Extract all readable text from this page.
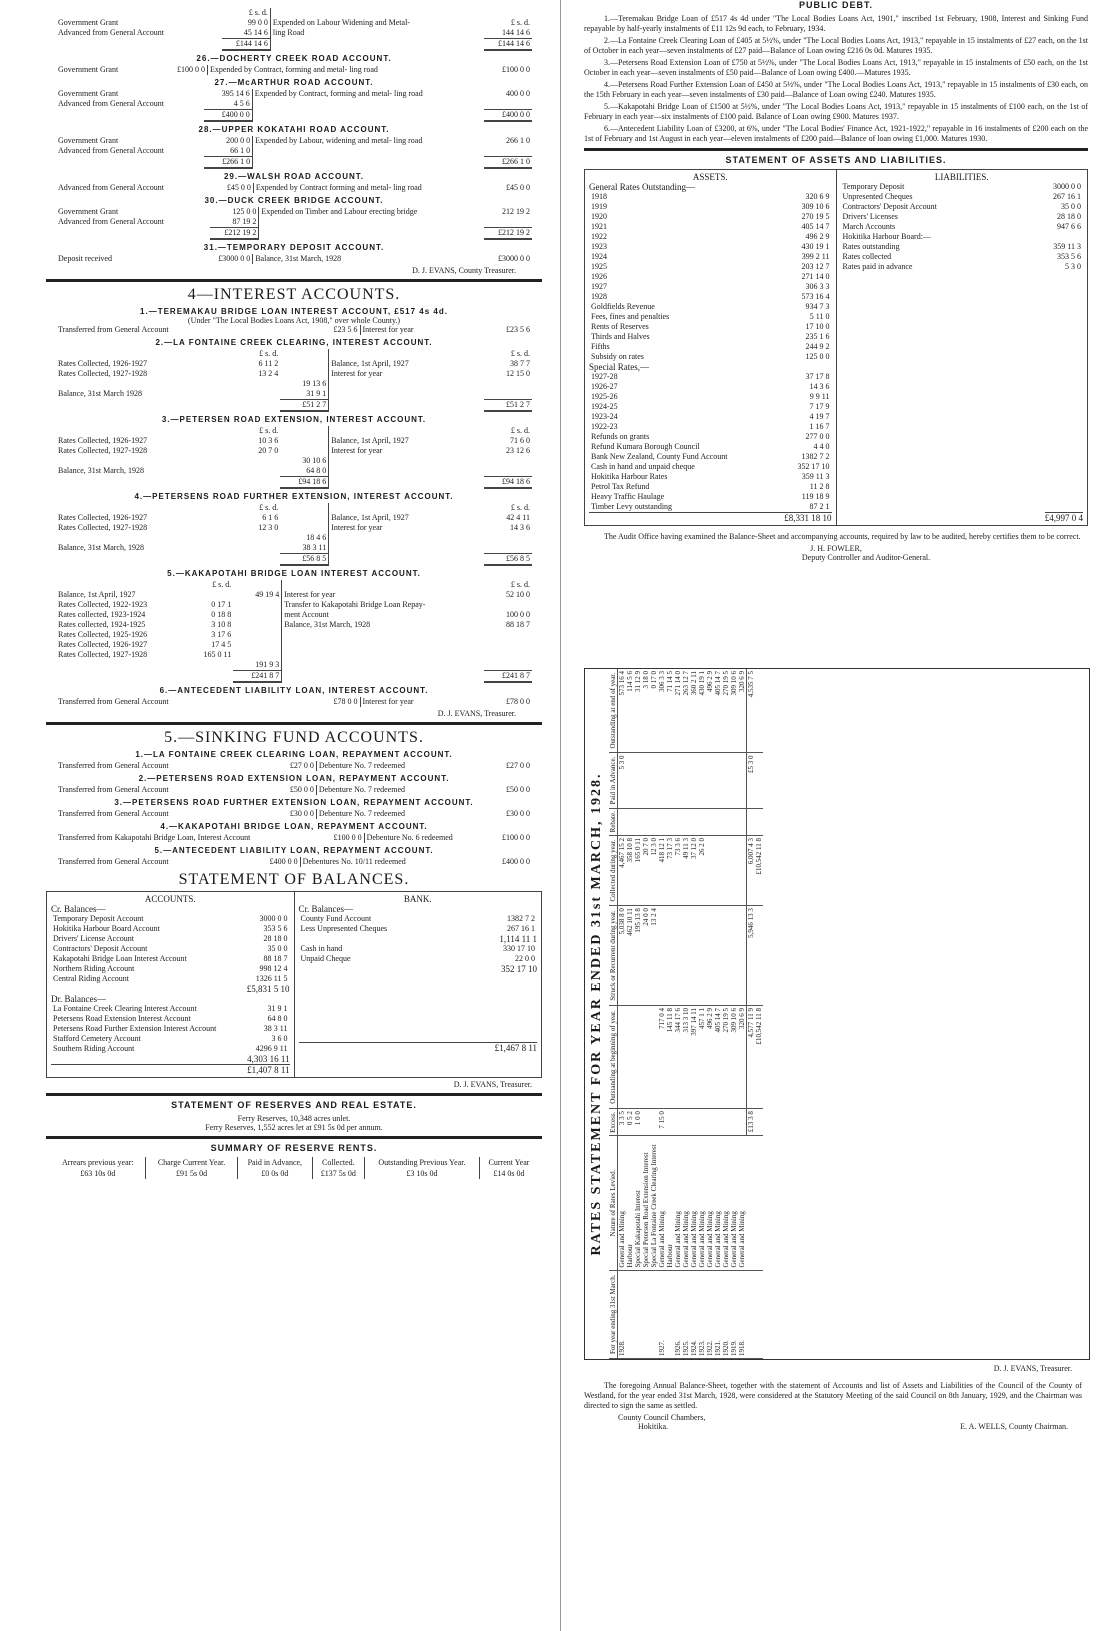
	£ s. d.		
Government Grant	99 0 0	Expended on Labour Widening and Metal-	£ s. d.
Advanced from General Account	45 14 6	ling Road	144 14 6
	£144 14 6		£144 14 6
26.—DOCHERTY CREEK ROAD ACCOUNT.
Government Grant	£100 0 0	Expended by Contract, forming and metal- ling road	£100 0 0
27.—McARTHUR ROAD ACCOUNT.
Government Grant	395 14 6	Expended by Contract, forming and metal- ling road	400 0 0
Advanced from General Account	4 5 6		
	£400 0 0		£400 0 0
28.—UPPER KOKATAHI ROAD ACCOUNT.
Government Grant	200 0 0	Expended by Labour, widening and metal- ling road	266 1 0
Advanced from General Account	66 1 0		
	£266 1 0		£266 1 0
29.—WALSH ROAD ACCOUNT.
Advanced from General Account	£45 0 0	Expended by Contract forming and metal- ling road	£45 0 0
30.—DUCK CREEK BRIDGE ACCOUNT.
Government Grant	125 0 0	Expended on Timber and Labour erecting bridge	212 19 2
Advanced from General Account	87 19 2		
	£212 19 2		£212 19 2
31.—TEMPORARY DEPOSIT ACCOUNT.
Deposit received	£3000 0 0	Balance, 31st March, 1928	£3000 0 0
D. J. EVANS, County Treasurer.
4—INTEREST ACCOUNTS.
1.—TEREMAKAU BRIDGE LOAN INTEREST ACCOUNT, £517 4s 4d.
(Under "The Local Bodies Loans Act, 1908," over whole County.)
Transferred from General Account	£23 5 6	Interest for year	£23 5 6
2.—LA FONTAINE CREEK CLEARING, INTEREST ACCOUNT.
	£ s. d.			£ s. d.
Rates Collected, 1926-1927	6 11 2		Balance, 1st April, 1927	38 7 7
Rates Collected, 1927-1928	13 2 4		Interest for year	12 15 0
		19 13 6		
Balance, 31st March 1928		31 9 1		
		£51 2 7		£51 2 7
3.—PETERSEN ROAD EXTENSION, INTEREST ACCOUNT.
	£ s. d.			£ s. d.
Rates Collected, 1926-1927	10 3 6		Balance, 1st April, 1927	71 6 0
Rates Collected, 1927-1928	20 7 0		Interest for year	23 12 6
		30 10 6		
Balance, 31st March, 1928		64 8 0		
		£94 18 6		£94 18 6
4.—PETERSENS ROAD FURTHER EXTENSION, INTEREST ACCOUNT.
	£ s. d.			£ s. d.
Rates Collected, 1926-1927	6 1 6		Balance, 1st April, 1927	42 4 11
Rates Collected, 1927-1928	12 3 0		Interest for year	14 3 6
		18 4 6		
Balance, 31st March, 1928		38 3 11		
		£56 8 5		£56 8 5
5.—KAKAPOTAHI BRIDGE LOAN INTEREST ACCOUNT.
	£ s. d.			£ s. d.
Balance, 1st April, 1927		49 19 4	Interest for year	52 10 0
Rates Collected, 1922-1923	0 17 1		Transfer to Kakapotahi Bridge Loan Repay-	
Rates collected, 1923-1924	0 18 8		ment Account	100 0 0
Rates collected, 1924-1925	3 10 8		Balance, 31st March, 1928	88 18 7
Rates Collected, 1925-1926	3 17 6			
Rates Collected, 1926-1927	17 4 5			
Rates Collected, 1927-1928	165 0 11			
		191 9 3		
		£241 8 7		£241 8 7
6.—ANTECEDENT LIABILITY LOAN, INTEREST ACCOUNT.
Transferred from General Account	£78 0 0	Interest for year	£78 0 0
D. J. EVANS, Treasurer.
5.—SINKING FUND ACCOUNTS.
1.—LA FONTAINE CREEK CLEARING LOAN, REPAYMENT ACCOUNT.
Transferred from General Account	£27 0 0	Debenture No. 7 redeemed	£27 0 0
2.—PETERSENS ROAD EXTENSION LOAN, REPAYMENT ACCOUNT.
Transferred from General Account	£50 0 0	Debenture No. 7 redeemed	£50 0 0
3.—PETERSENS ROAD FURTHER EXTENSION LOAN, REPAYMENT ACCOUNT.
Transferred from General Account	£30 0 0	Debenture No. 7 redeemed	£30 0 0
4.—KAKAPOTAHI BRIDGE LOAN, REPAYMENT ACCOUNT.
Transferred from Kakapotahi Bridge Loan, Interest Account	£100 0 0	Debenture No. 6 redeemed	£100 0 0
5.—ANTECEDENT LIABILITY LOAN, REPAYMENT ACCOUNT.
Transferred from General Account	£400 0 0	Debentures No. 10/11 redeemed	£400 0 0
STATEMENT OF BALANCES.
ACCOUNTS.
Cr. Balances—
Temporary Deposit Account	3000 0 0
Hokitika Harbour Board Account	353 5 6
Drivers' License Account	28 18 0
Contractors' Deposit Account	35 0 0
Kakapotahi Bridge Loan Interest Account	88 18 7
Northern Riding Account	998 12 4
Central Riding Account	1326 11 5
£5,831 5 10
Dr. Balances—
La Fontaine Creek Clearing Interest Account	31 9 1
Petersens Road Extension Interest Account	64 8 0
Petersens Road Further Extension Interest Account	38 3 11
Stafford Cemetery Account	3 6 0
Southern Riding Account	4296 9 11
4,303 16 11
£1,407 8 11
BANK.
Cr. Balances—
County Fund Account	1382 7 2
Less Unpresented Cheques	267 16 1
1,114 11 1
Cash in hand	330 17 10
Unpaid Cheque	22 0 0
352 17 10
£1,467 8 11
D. J. EVANS, Treasurer.
STATEMENT OF RESERVES AND REAL ESTATE.
Ferry Reserves, 10,348 acres unlet.
Ferry Reserves, 1,552 acres let at £91 5s 0d per annum.
SUMMARY OF RESERVE RENTS.
Arrears previous year:	Charge Current Year.	Paid in Advance,	Collected.	Outstanding Previous Year.	Current Year
£63 10s 0d	£91 5s 0d	£0 0s 0d	£137 5s 0d	£3 10s 0d	£14 0s 0d
PUBLIC DEBT.
1.—Teremakau Bridge Loan of £517 4s 4d under "The Local Bodies Loans Act, 1901," inscribed 1st February, 1908, Interest and Sinking Fund repayable by half-yearly instalments of £11 12s 9d each, to February, 1934.
2.—La Fontaine Creek Clearing Loan of £405 at 5½%, under "The Local Bodies Loans Act, 1913," repayable in 15 instalments of £27 each, on the 1st of October in each year—seven instalments of £27 paid—Balance of Loan owing £216 0s 0d. Matures 1935.
3.—Petersens Road Extension Loan of £750 at 5½%, under "The Local Bodies Loans Act, 1913," repayable in 15 instalments of £50 each, on the 1st October in each year—seven instalments of £50 paid—Balance of Loan owing £400.—Matures 1935.
4.—Petersens Road Further Extension Loan of £450 at 5½%, under "The Local Bodies Loans Act, 1913," repayable in 15 instalments of £30 each, on the 15th February in each year—seven instalments of £30 paid—Balance of Loan owing £240. Matures 1935.
5.—Kakapotahi Bridge Loan of £1500 at 5½%, under "The Local Bodies Loans Act, 1913," repayable in 15 instalments of £100 each, on the 1st of February in each year—six instalments of £100 paid. Balance of Loan owing £900. Matures 1937.
6.—Antecedent Liability Loan of £3200, at 6%, under "The Local Bodies' Finance Act, 1921-1922," repayable in 16 instalments of £200 each on the 1st of February and 1st August in each year—eleven instalments of £200 paid—Balance of loan owing £1,000. Matures 1930.
STATEMENT OF ASSETS AND LIABILITIES.
ASSETS.
General Rates Outstanding—
1918	320 6 9
1919	309 10 6
1920	270 19 5
1921	405 14 7
1922	496 2 9
1923	430 19 1
1924	399 2 11
1925	203 12 7
1926	271 14 0
1927	306 3 3
1928	573 16 4
Goldfields Revenue	934 7 3
Fees, fines and penalties	5 11 0
Rents of Reserves	17 10 0
Thirds and Halves	235 1 6
Fifths	244 9 2
Subsidy on rates	125 0 0
Special Rates,—
1927-28	37 17 8
1926-27	14 3 6
1925-26	9 9 11
1924-25	7 17 9
1923-24	4 19 7
1922-23	1 16 7
Refunds on grants	277 0 0
Refund Kumara Borough Council	4 4 0
Bank New Zealand, County Fund Account	1382 7 2
Cash in hand and unpaid cheque	352 17 10
Hokitika Harbour Rates	359 11 3
Petrol Tax Refund	11 2 8
Heavy Traffic Haulage	119 18 9
Timber Levy outstanding	87 2 1
£8,331 18 10
LIABILITIES.
Temporary Deposit	3000 0 0
Unpresented Cheques	267 16 1
Contractors' Deposit Account	35 0 0
Drivers' Licenses	28 18 0
March Accounts	947 6 6
Hokitika Harbour Board:—	
Rates outstanding	359 11 3
Rates collected	353 5 6
Rates paid in advance	5 3 0
£4,997 0 4
The Audit Office having examined the Balance-Sheet and accompanying accounts, required by law to be audited, hereby certifies them to be correct.
J. H. FOWLER,
Deputy Controller and Auditor-General.
RATES STATEMENT FOR YEAR ENDED 31st MARCH, 1928.
For year ending 31st March.	Nature of Rates Levied.	Excess.	Outstanding at beginning of year.	Struck or Recurrent during year.	Collected during year.	Rebate.	Paid in Advance.	Outstanding at end of year.
1928.	General and Mining	3 3 5		5,038 8 0	4,467 15 2		5 3 0	573 16 4
	Harbour	0 5 2		462 10 11	358 10 8			114 5 6
	Special Kakapotahi Interest	1 0 0		195 13 8	165 0 11			31 12 9
	Special Petersen Road Extension Interest			24 0 0	20 7 0			3 18 0
	Special La Fontaine Creek Clearing Interest			13 2 4	12 3 0			0 17 0
1927.	General and Mining	7 15 0	717 0 4		418 12 1			306 3 3
	Harbour		145 11 8		73 17 3			71 14 5
1926.	General and Mining		344 17 6		73 3 6			271 14 0
1925.	General and Mining		313 3 10		49 11 3			263 12 7
1924.	General and Mining		397 14 11		37 12 0			360 2 11
1923.	General and Mining		457 1 1		26 2 0			430 19 1
1922.	General and Mining		496 2 9					496 2 9
1921.	General and Mining		405 14 7					405 14 7
1920.	General and Mining		270 19 5					270 19 5
1919.	General and Mining		309 10 6					309 10 6
1918.	General and Mining		320 6 9					320 6 9
		£13 3 8	4,577 11 9	5,946 13 3	6,007 4 3		£5 3 0	4,535 7 5
			£10,542 11 8		£10,542 11 8			
D. J. EVANS, Treasurer.
The foregoing Annual Balance-Sheet, together with the statement of Accounts and list of Assets and Liabilities of the Council of the County of Westland, for the year ended 31st March, 1928, were considered at the Statutory Meeting of the said Council on 8th January, 1929, and the Chairman was directed to sign the same as settled.
County Council Chambers,
Hokitika.	E. A. WELLS, County Chairman.
